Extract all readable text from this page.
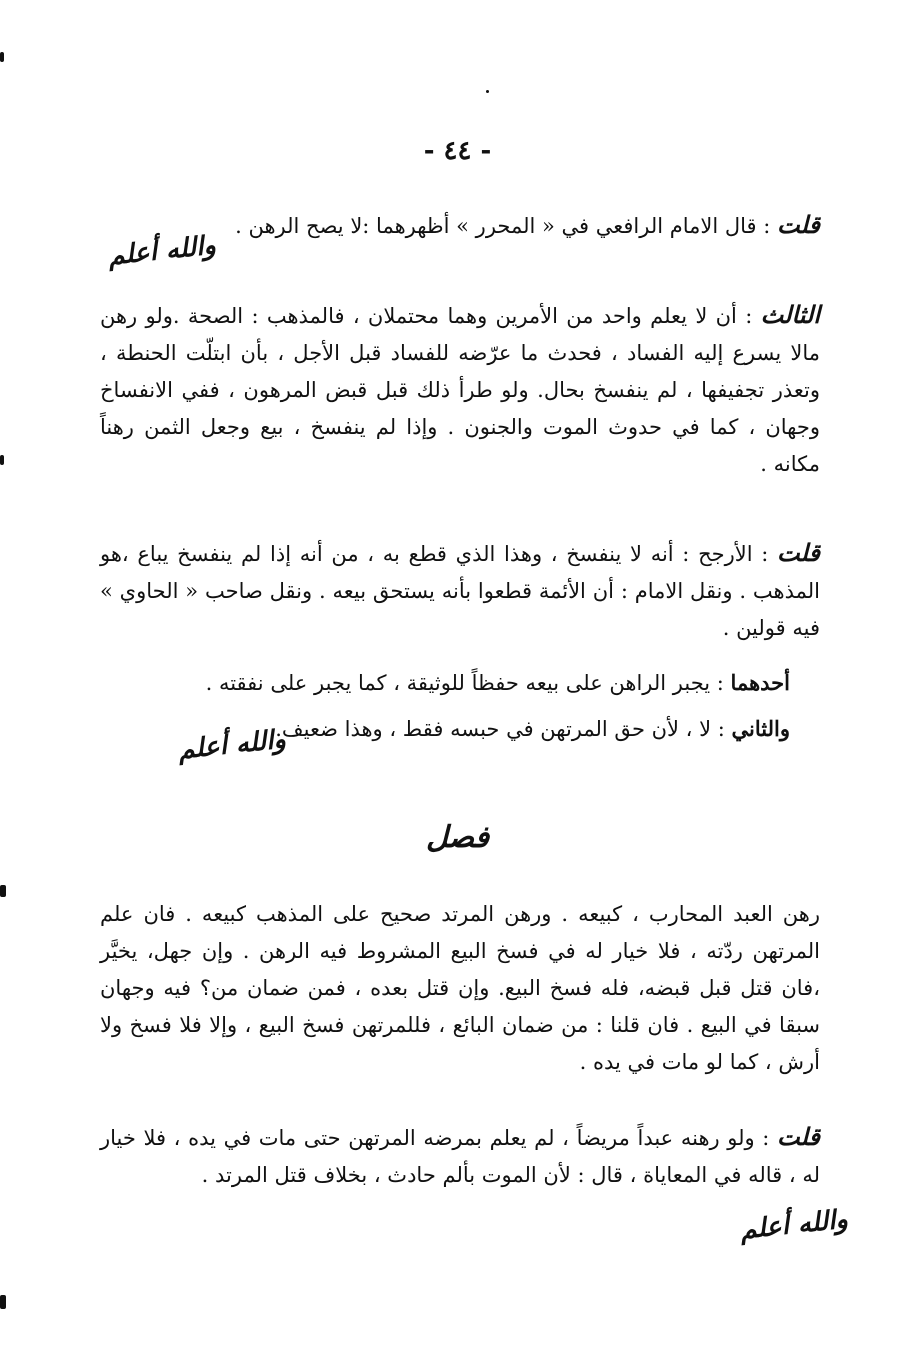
- ٤٤ -

قلت : قال الامام الرافعي في « المحرر » أظهرهما :لا يصح الرهن .

والله أعلم

الثالث : أن لا يعلم واحد من الأمرين وهما محتملان ، فالمذهب : الصحة .ولو رهن مالا يسرع إليه الفساد ، فحدث ما عرّضه للفساد قبل الأجل ، بأن ابتلّت الحنطة ، وتعذر تجفيفها ، لم ينفسخ بحال. ولو طرأ ذلك قبل قبض المرهون ، ففي الانفساخ وجهان ، كما في حدوث الموت والجنون . وإذا لم ينفسخ ، بيع وجعل الثمن رهناً مكانه .

قلت : الأرجح : أنه لا ينفسخ ، وهذا الذي قطع به ، من أنه إذا لم ينفسخ يباع ،هو المذهب . ونقل الامام : أن الأئمة قطعوا بأنه يستحق بيعه . ونقل صاحب « الحاوي » فيه قولين .

أحدهما : يجبر الراهن على بيعه حفظاً للوثيقة ، كما يجبر على نفقته .

والثاني : لا ، لأن حق المرتهن في حبسه فقط ، وهذا ضعيف.

والله أعلم
فصل

رهن العبد المحارب ، كبيعه . ورهن المرتد صحيح على المذهب كبيعه . فان علم المرتهن ردّته ، فلا خيار له في فسخ البيع المشروط فيه الرهن . وإن جهل، يخيَّر ،فان قتل قبل قبضه، فله فسخ البيع. وإن قتل بعده ، فمن ضمان من؟ فيه وجهان سبقا في البيع . فان قلنا : من ضمان البائع ، فللمرتهن فسخ البيع ، وإلا فلا فسخ ولا أرش ، كما لو مات في يده .

قلت : ولو رهنه عبداً مريضاً ، لم يعلم بمرضه المرتهن حتى مات في يده ، فلا خيار له ، قاله في المعاياة ، قال : لأن الموت بألم حادث ، بخلاف قتل المرتد .

والله أعلم
